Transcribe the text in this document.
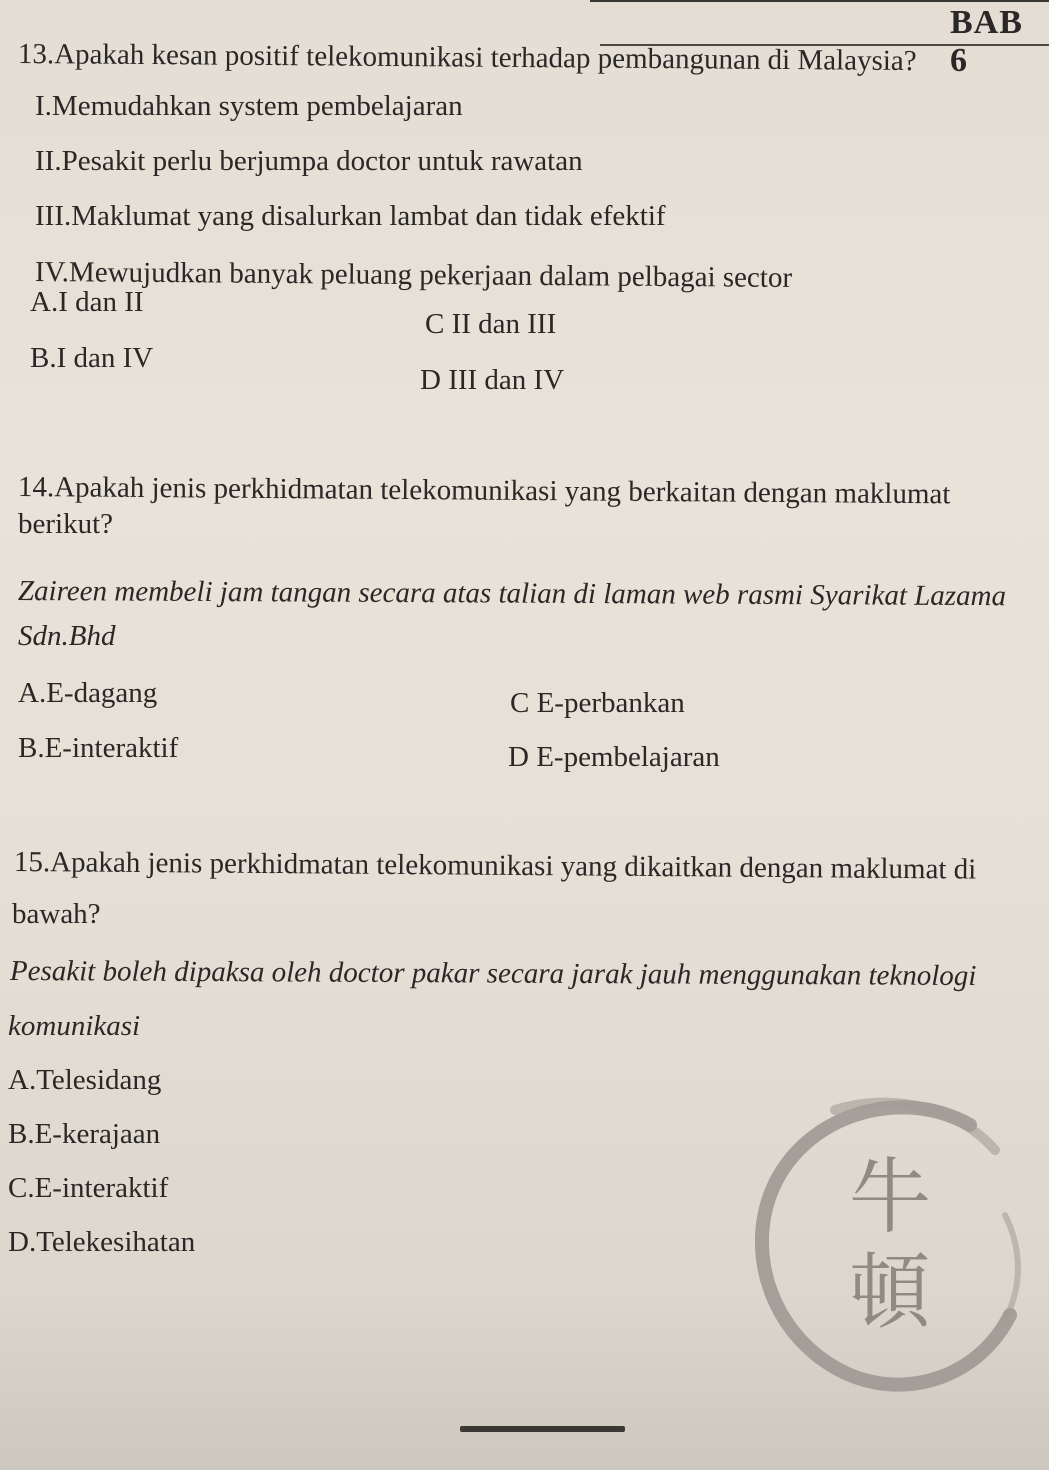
BAB 6
13.Apakah kesan positif telekomunikasi terhadap pembangunan di Malaysia?
I.Memudahkan system pembelajaran
II.Pesakit perlu berjumpa doctor untuk rawatan
III.Maklumat yang disalurkan lambat dan tidak efektif
IV.Mewujudkan banyak peluang pekerjaan dalam pelbagai sector
A.I dan II
C II dan III
B.I dan IV
D III dan IV
14.Apakah jenis perkhidmatan telekomunikasi yang berkaitan dengan maklumat
berikut?
Zaireen membeli jam tangan secara atas talian di laman web rasmi Syarikat Lazama
Sdn.Bhd
A.E-dagang	C E-perbankan
B.E-interaktif	D E-pembelajaran
15.Apakah jenis perkhidmatan telekomunikasi yang dikaitkan dengan maklumat di
bawah?
Pesakit boleh dipaksa oleh doctor pakar secara jarak jauh menggunakan teknologi
komunikasi
A.Telesidang
B.E-kerajaan
C.E-interaktif
D.Telekesihatan	牛
頓
